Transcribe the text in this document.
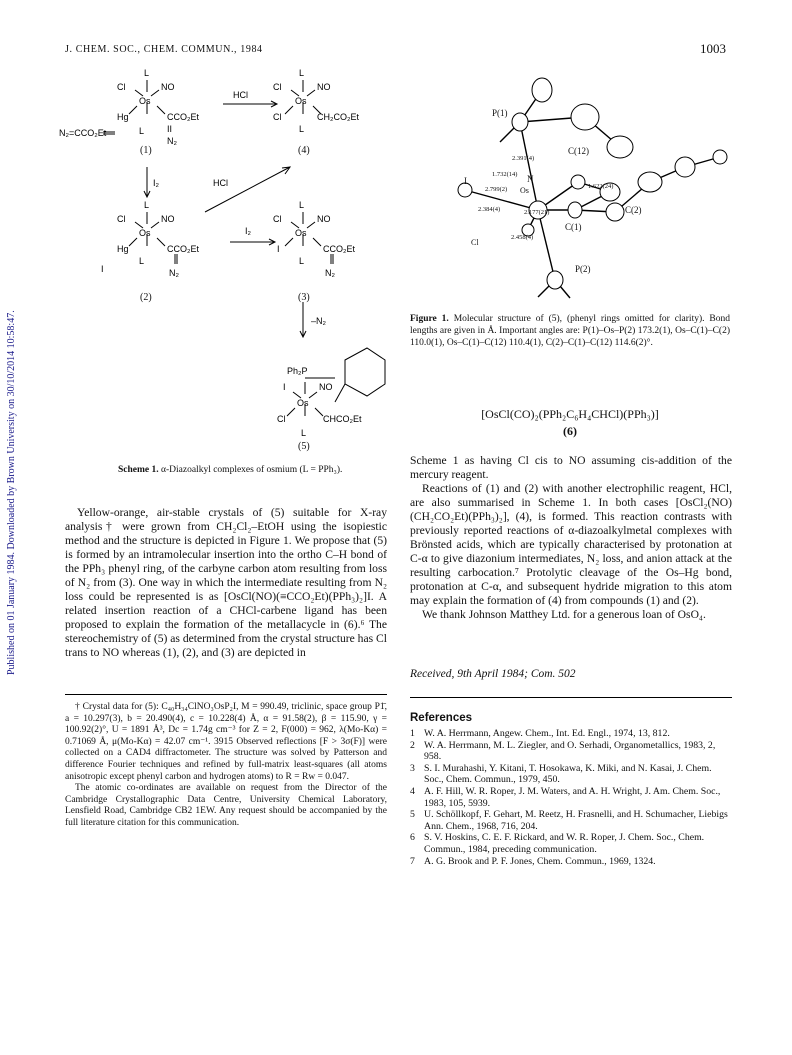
J. CHEM. SOC., CHEM. COMMUN., 1984	1003
Published on 01 January 1984. Downloaded by Brown University on 30/10/2014 10:58:47.
L
Cl	NO
Os
Hg	CCO₂Et
II
N₂
L
N₂=CCO₂Et
HCl
L
Cl	NO
Os
Cl	CH₂CO₂Et
L
I₂	HCl
L
Cl	NO
Os
Hg	CCO₂Et
L
N₂
I
I₂
L
Cl	NO
Os
I	CCO₂Et
L
N₂
–N₂
Ph₂P
I	NO
Os
Cl	CHCO₂Et
L
(1)	(4)
(2)	(3)
(5)
Scheme 1. α-Diazoalkyl complexes of osmium (L = PPh₃).
P(1)
C(12)
I	N
Os
Cl
C(1)
C(2)
P(2)
2.391(4)
1.732(14)
2.799(2)	1.622(24)
2.384(4)	2.177(21)
2.458(4)
Figure 1. Molecular structure of (5), (phenyl rings omitted for clarity). Bond lengths are given in Å. Important angles are: P(1)–Os–P(2) 173.2(1), Os–C(1)–C(2) 110.0(1), Os–C(1)–C(12) 110.4(1), C(2)–C(1)–C(12) 114.6(2)°.
[OsCl(CO)₂(PPh₂C₆H₄CHCl)(PPh₃)]
(6)

Yellow-orange, air-stable crystals of (5) suitable for X-ray analysis† were grown from CH₂Cl₂–EtOH using the isopiestic method and the structure is depicted in Figure 1. We propose that (5) is formed by an intramolecular insertion into the ortho C–H bond of the PPh₃ phenyl ring, of the carbyne carbon atom resulting from loss of N₂ from (3). One way in which the intermediate resulting from N₂ loss could be represented is as [OsCl(NO)(≡CCO₂Et)(PPh₃)₂]I. A related insertion reaction of a CHCl-carbene ligand has been proposed to explain the formation of the metallacycle in (6).⁶ The stereochemistry of (5) as determined from the crystal structure has Cl trans to NO whereas (1), (2), and (3) are depicted in

Scheme 1 as having Cl cis to NO assuming cis-addition of the mercury reagent.

Reactions of (1) and (2) with another electrophilic reagent, HCl, are also summarised in Scheme 1. In both cases [OsCl₂(NO)(CH₂CO₂Et)(PPh₃)₂], (4), is formed. This reaction contrasts with previously reported reactions of α-diazoalkylmetal complexes with Brönsted acids, which are typically characterised by protonation at C-α to give diazonium intermediates, N₂ loss, and anion attack at the resulting carbocation.⁷ Protolytic cleavage of the Os–Hg bond, protonation at C-α, and subsequent hydride migration to this atom may explain the formation of (4) from compounds (1) and (2).

We thank Johnson Matthey Ltd. for a generous loan of OsO₄.

Received, 9th April 1984; Com. 502

† Crystal data for (5): C₄₀H₃₄ClNO₃OsP₂I, M = 990.49, triclinic, space group P1̄, a = 10.297(3), b = 20.490(4), c = 10.228(4) Å, α = 91.58(2), β = 115.90, γ = 100.92(2)°, U = 1891 Å³, Dc = 1.74g cm⁻³ for Z = 2, F(000) = 962, λ(Mo-Kα) = 0.71069 Å, μ(Mo-Kα) = 42.07 cm⁻¹. 3915 Observed reflections [F > 3σ(F)] were collected on a CAD4 diffractometer. The structure was solved by Patterson and difference Fourier techniques and refined by full-matrix least-squares (all atoms anisotropic except phenyl carbon and hydrogen atoms) to R = Rw = 0.047.

The atomic co-ordinates are available on request from the Director of the Cambridge Crystallographic Data Centre, University Chemical Laboratory, Lensfield Road, Cambridge CB2 1EW. Any request should be accompanied by the full literature citation for this communication.

References
1 W. A. Herrmann, Angew. Chem., Int. Ed. Engl., 1974, 13, 812.
2 W. A. Herrmann, M. L. Ziegler, and O. Serhadi, Organometallics, 1983, 2, 958.
3 S. I. Murahashi, Y. Kitani, T. Hosokawa, K. Miki, and N. Kasai, J. Chem. Soc., Chem. Commun., 1979, 450.
4 A. F. Hill, W. R. Roper, J. M. Waters, and A. H. Wright, J. Am. Chem. Soc., 1983, 105, 5939.
5 U. Schöllkopf, F. Gehart, M. Reetz, H. Frasnelli, and H. Schumacher, Liebigs Ann. Chem., 1968, 716, 204.
6 S. V. Hoskins, C. E. F. Rickard, and W. R. Roper, J. Chem. Soc., Chem. Commun., 1984, preceding communication.
7 A. G. Brook and P. F. Jones, Chem. Commun., 1969, 1324.
